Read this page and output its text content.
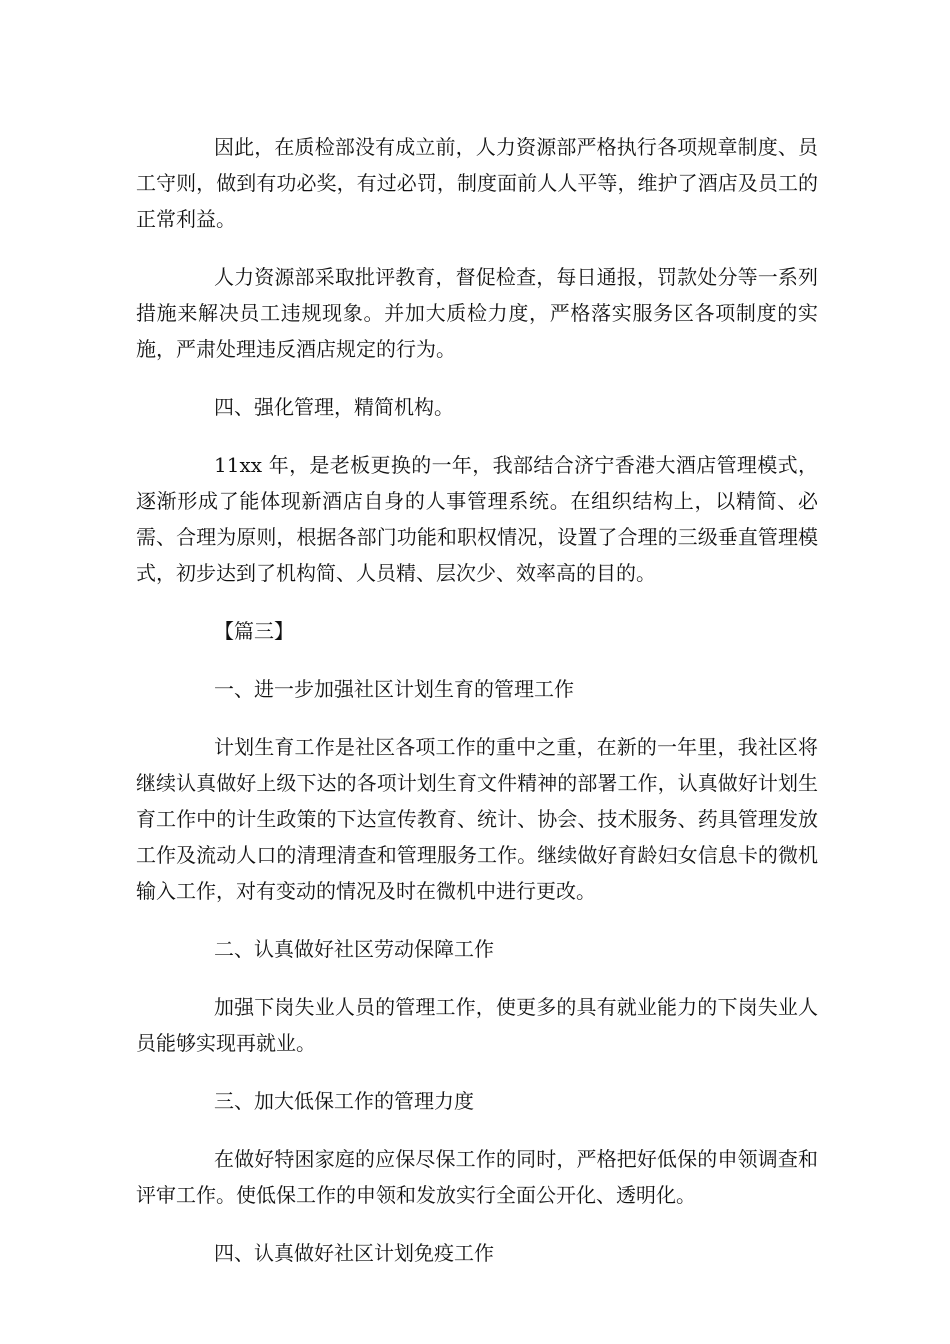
因此，在质检部没有成立前，人力资源部严格执行各项规章制度、员工守则，做到有功必奖，有过必罚，制度面前人人平等，维护了酒店及员工的正常利益。

人力资源部采取批评教育，督促检查，每日通报，罚款处分等一系列措施来解决员工违规现象。并加大质检力度，严格落实服务区各项制度的实施，严肃处理违反酒店规定的行为。

四、强化管理，精简机构。

11xx 年，是老板更换的一年，我部结合济宁香港大酒店管理模式，逐渐形成了能体现新酒店自身的人事管理系统。在组织结构上，以精简、必需、合理为原则，根据各部门功能和职权情况，设置了合理的三级垂直管理模式，初步达到了机构简、人员精、层次少、效率高的目的。

【篇三】

一、进一步加强社区计划生育的管理工作

计划生育工作是社区各项工作的重中之重，在新的一年里，我社区将继续认真做好上级下达的各项计划生育文件精神的部署工作，认真做好计划生育工作中的计生政策的下达宣传教育、统计、协会、技术服务、药具管理发放工作及流动人口的清理清查和管理服务工作。继续做好育龄妇女信息卡的微机输入工作，对有变动的情况及时在微机中进行更改。

二、认真做好社区劳动保障工作

加强下岗失业人员的管理工作，使更多的具有就业能力的下岗失业人员能够实现再就业。

三、加大低保工作的管理力度

在做好特困家庭的应保尽保工作的同时，严格把好低保的申领调查和评审工作。使低保工作的申领和发放实行全面公开化、透明化。

四、认真做好社区计划免疫工作
